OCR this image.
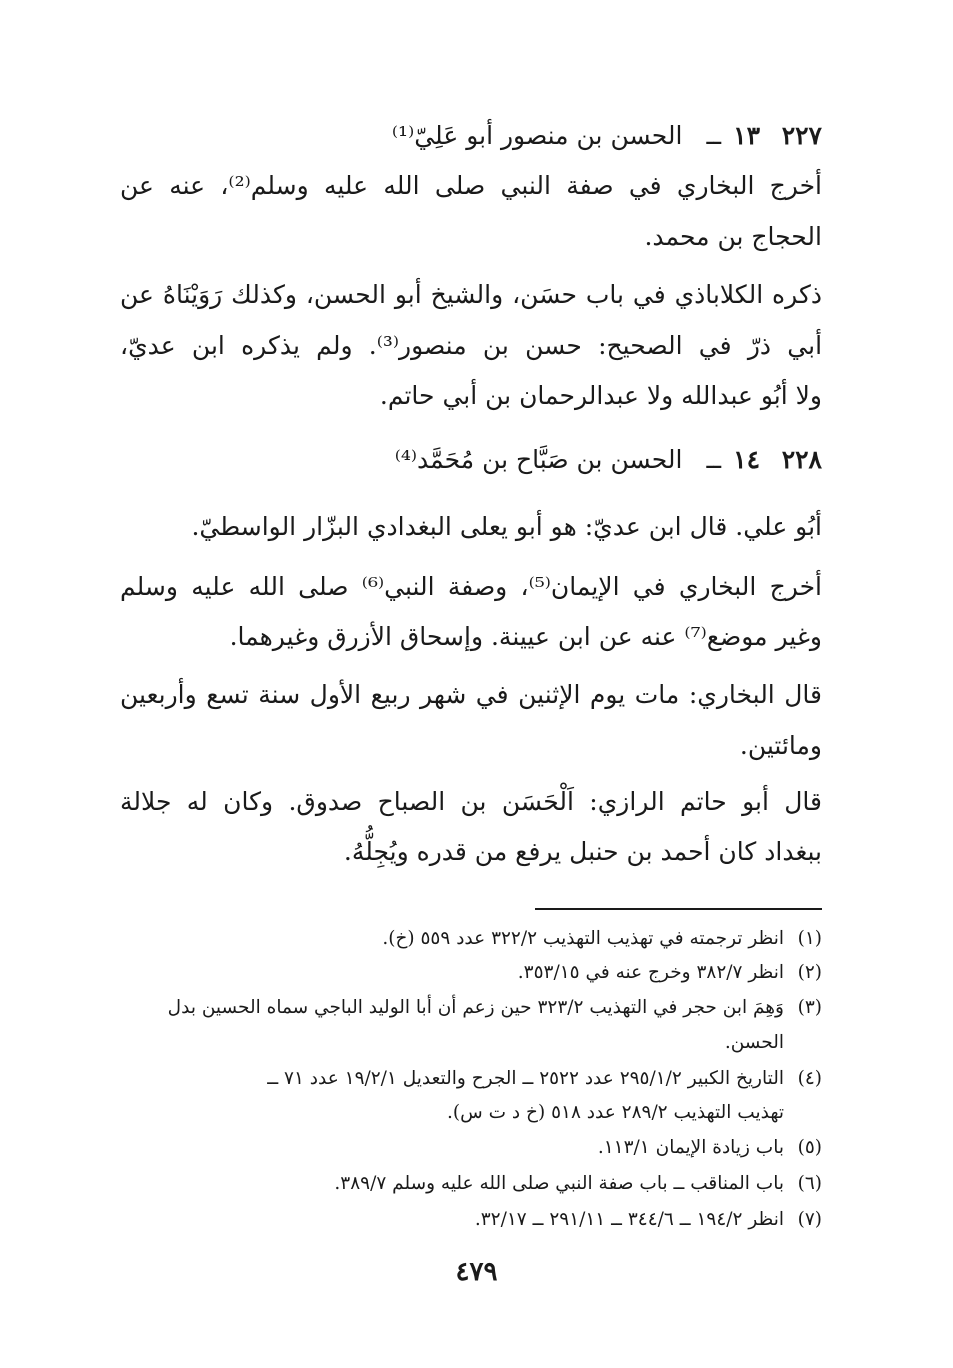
٢٢٧
١٣
ــ
الحسن بن منصور أبو عَلِيّ⁽¹⁾
أخرج البخاري في صفة النبي صلى الله عليه وسلم⁽²⁾، عنه عن
الحجاج بن محمد.
ذكره الكلاباذي في باب حسَن، والشيخ أبو الحسن، وكذلك رَوَيْنَاهُ عن
أبي ذرّ في الصحيح: حسن بن منصور⁽³⁾. ولم يذكره ابن عديّ،
ولا أبُو عبدالله ولا عبدالرحمان بن أبي حاتم.
٢٢٨
١٤
ــ
الحسن بن صَبَّاح بن مُحَمَّد⁽⁴⁾
أبُو علي. قال ابن عديّ: هو أبو يعلى البغدادي البزّار الواسطيّ.
أخرج البخاري في الإيمان⁽⁵⁾، وصفة النبي⁽⁶⁾ صلى الله عليه وسلم
وغير موضع⁽⁷⁾ عنه عن ابن عيينة. وإسحاق الأزرق وغيرهما.
قال البخاري: مات يوم الإثنين في شهر ربيع الأول سنة تسع وأربعين
ومائتين.
قال أبو حاتم الرازي: اَلْحَسَن بن الصباح صدوق. وكان له جلالة
ببغداد كان أحمد بن حنبل يرفع من قدره ويُجِلُّهُ.
(١)انظر ترجمته في تهذيب التهذيب ٣٢٢/٢ عدد ٥٥٩ (خ).
(٢)انظر ٣٨٢/٧ وخرج عنه في ٣٥٣/١٥.
(٣)وَهِمَ ابن حجر في التهذيب ٣٢٣/٢ حين زعم أن أبا الوليد الباجي سماه الحسين بدل
الحسن.
(٤)التاريخ الكبير ٢٩٥/١/٢ عدد ٢٥٢٢ ــ الجرح والتعديل ١٩/٢/١ عدد ٧١ ــ
تهذيب التهذيب ٢٨٩/٢ عدد ٥١٨ (خ د ت س).
(٥)باب زيادة الإيمان ١١٣/١.
(٦)باب المناقب ــ باب صفة النبي صلى الله عليه وسلم ٣٨٩/٧.
(٧)انظر ١٩٤/٢ ــ ٣٤٤/٦ ــ ٢٩١/١١ ــ ٣٢/١٧.
٤٧٩
